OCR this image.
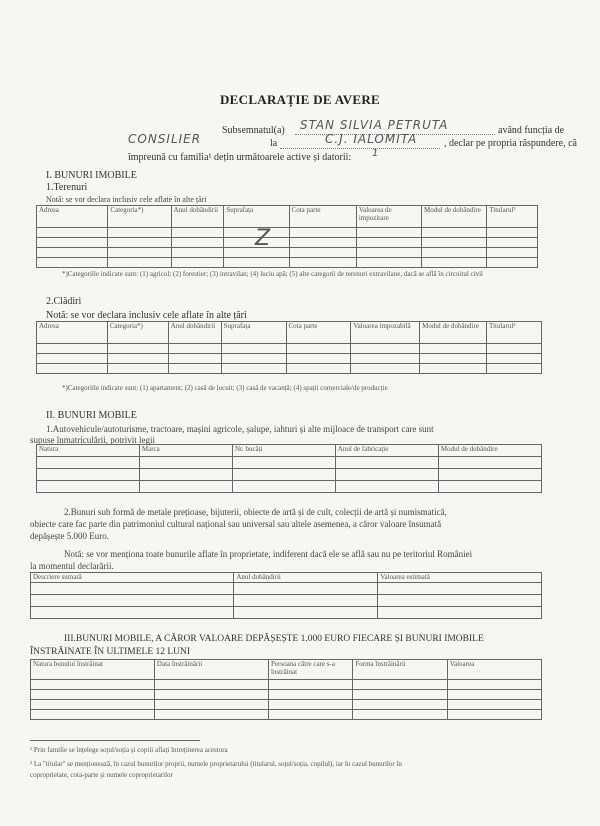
DECLARAȚIE DE AVERE
Subsemnatul(a) STAN SILVIA PETRUTA	având funcția de
CONSILIER	la	C.J. IALOMITA	, declar pe propria răspundere, că
împreună cu familia¹ dețin următoarele active și datorii: 1
I. BUNURI IMOBILE
1.Terenuri
Notă: se vor declara inclusiv cele aflate în alte țări
Adresa	Categoria*)	Anul dobândirii	Suprafața	Cota parte	Valoarea de impozitare	Modul de dobândire	Titularul²

Z
*)Categoriile indicate sunt: (1) agricol; (2) forestier; (3) intravilan; (4) luciu apă; (5) alte categorii de terenuri extravilane, dacă se află în circuitul civil
2.Clădiri
Notă: se vor declara inclusiv cele aflate în alte țări
Adresa	Categoria*)	Anul dobândirii	Suprafața	Cota parte	Valoarea impozabilă	Modul de dobândire	Titularul²

*)Categoriile indicate sunt: (1) apartament; (2) casă de locuit; (3) casă de vacanță; (4) spații comerciale/de producție
II. BUNURI MOBILE
1.Autovehicule/autoturisme, tractoare, mașini agricole, șalupe, iahturi și alte mijloace de transport care sunt
supuse înmatriculării, potrivit legii
Natura	Marca	Nr. bucăți	Anul de fabricație	Modul de dobândire

2.Bunuri sub formă de metale prețioase, bijuterii, obiecte de artă și de cult, colecții de artă și numismatică,
obiecte care fac parte din patrimoniul cultural național sau universal sau altele asemenea, a căror valoare însumată
depășește 5.000 Euro.
Notă: se vor menționa toate bunurile aflate în proprietate, indiferent dacă ele se află sau nu pe teritoriul României
la momentul declarării.
Descriere sumară	Anul dobândirii	Valoarea estimată

III.BUNURI MOBILE, A CĂROR VALOARE DEPĂȘEȘTE 1.000 EURO FIECARE ȘI BUNURI IMOBILE
ÎNSTRĂINATE ÎN ULTIMELE 12 LUNI
Natura bunului înstrăinat	Data înstrăinării	Persoana către care s-a înstrăinat	Forma înstrăinării	Valoarea

¹ Prin familie se înțelege soțul/soția și copiii aflați întreținerea acestora
² La "titular" se menționează, în cazul bunurilor proprii, numele proprietarului (titularul, soțul/soția, copilul), iar în cazul bunurilor în
coproprietate, cota-parte și numele coproprietarilor
